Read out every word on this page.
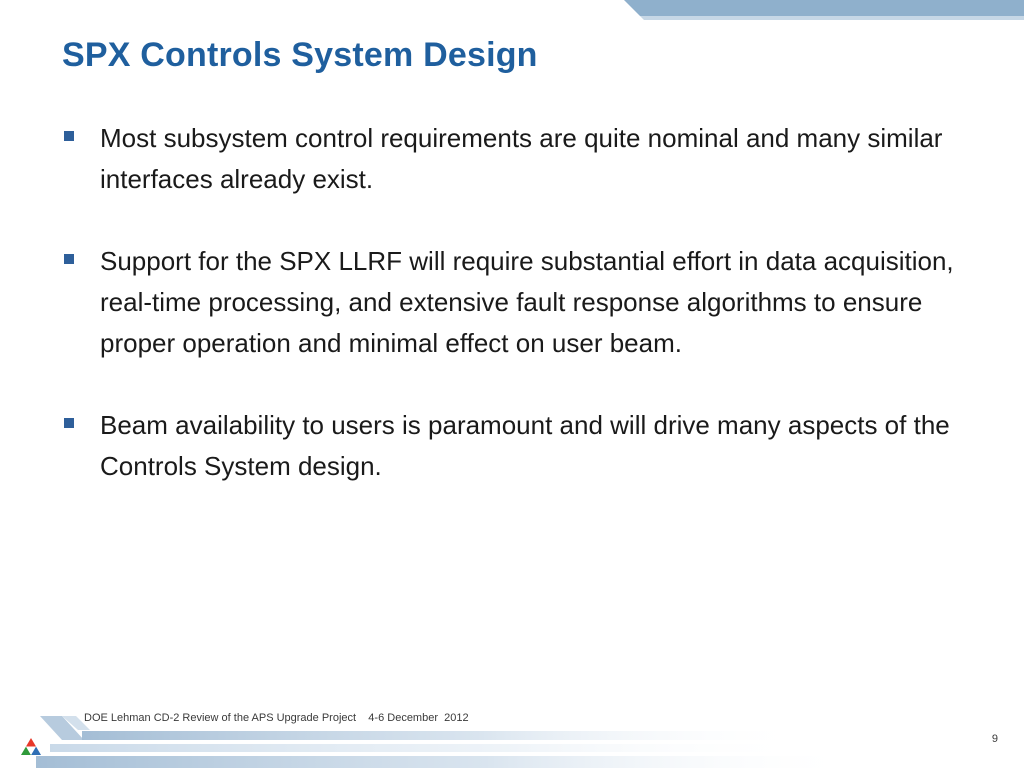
SPX Controls System Design
Most subsystem control requirements are quite nominal and many similar interfaces already exist.
Support for the SPX LLRF will require substantial effort in data acquisition, real-time processing, and extensive fault response algorithms to ensure proper operation and minimal effect on user beam.
Beam availability to users is paramount and will drive many aspects of the Controls System design.
DOE Lehman CD-2 Review of the APS Upgrade Project    4-6 December  2012
9
